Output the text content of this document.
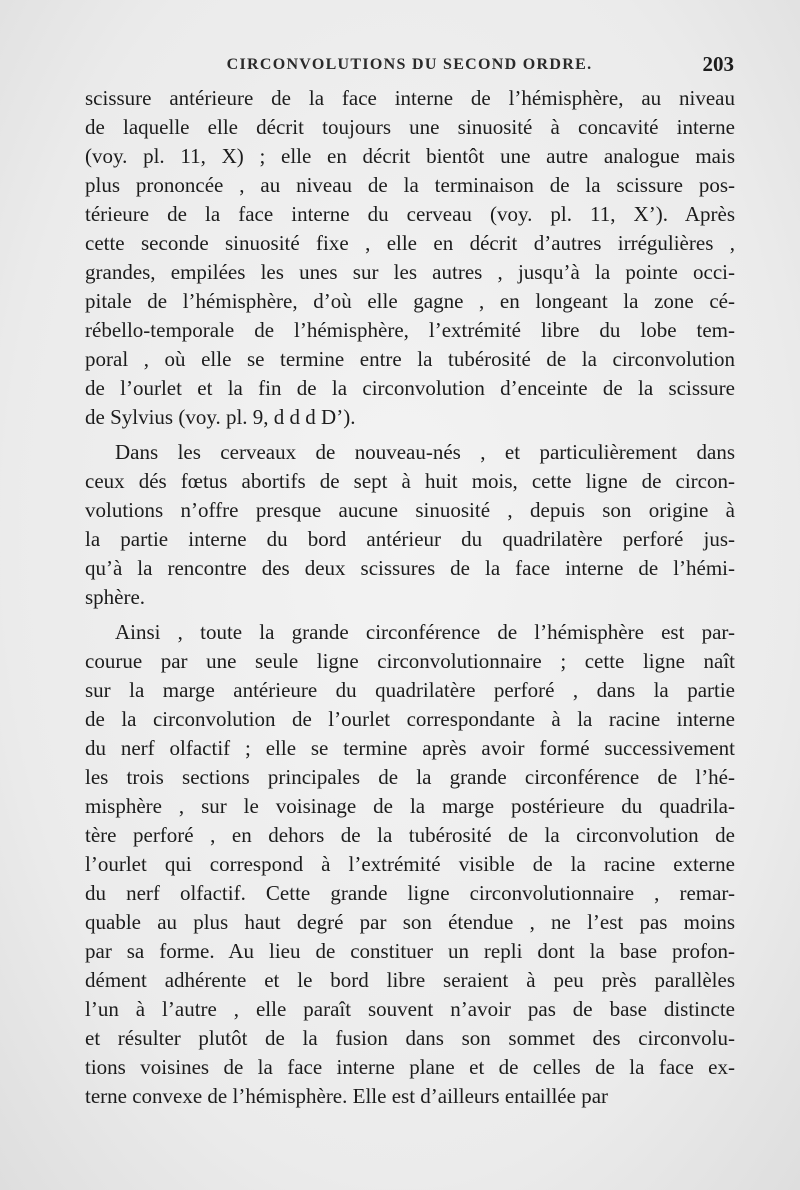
CIRCONVOLUTIONS DU SECOND ORDRE.	203
scissure antérieure de la face interne de l’hémisphère, au niveau
de laquelle elle décrit toujours une sinuosité à concavité interne
(voy. pl. 11, X) ; elle en décrit bientôt une autre analogue mais
plus prononcée , au niveau de la terminaison de la scissure pos-
térieure de la face interne du cerveau (voy. pl. 11, X’). Après
cette seconde sinuosité fixe , elle en décrit d’autres irrégulières ,
grandes, empilées les unes sur les autres , jusqu’à la pointe occi-
pitale de l’hémisphère, d’où elle gagne , en longeant la zone cé-
rébello-temporale de l’hémisphère, l’extrémité libre du lobe tem-
poral , où elle se termine entre la tubérosité de la circonvolution
de l’ourlet et la fin de la circonvolution d’enceinte de la scissure
de Sylvius (voy. pl. 9, d d d D’).
Dans les cerveaux de nouveau-nés , et particulièrement dans
ceux dés fœtus abortifs de sept à huit mois, cette ligne de circon-
volutions n’offre presque aucune sinuosité , depuis son origine à
la partie interne du bord antérieur du quadrilatère perforé jus-
qu’à la rencontre des deux scissures de la face interne de l’hémi-
sphère.
Ainsi , toute la grande circonférence de l’hémisphère est par-
courue par une seule ligne circonvolutionnaire ; cette ligne naît
sur la marge antérieure du quadrilatère perforé , dans la partie
de la circonvolution de l’ourlet correspondante à la racine interne
du nerf olfactif ; elle se termine après avoir formé successivement
les trois sections principales de la grande circonférence de l’hé-
misphère , sur le voisinage de la marge postérieure du quadrila-
tère perforé , en dehors de la tubérosité de la circonvolution de
l’ourlet qui correspond à l’extrémité visible de la racine externe
du nerf olfactif. Cette grande ligne circonvolutionnaire , remar-
quable au plus haut degré par son étendue , ne l’est pas moins
par sa forme. Au lieu de constituer un repli dont la base profon-
dément adhérente et le bord libre seraient à peu près parallèles
l’un à l’autre , elle paraît souvent n’avoir pas de base distincte
et résulter plutôt de la fusion dans son sommet des circonvolu-
tions voisines de la face interne plane et de celles de la face ex-
terne convexe de l’hémisphère. Elle est d’ailleurs entaillée par
